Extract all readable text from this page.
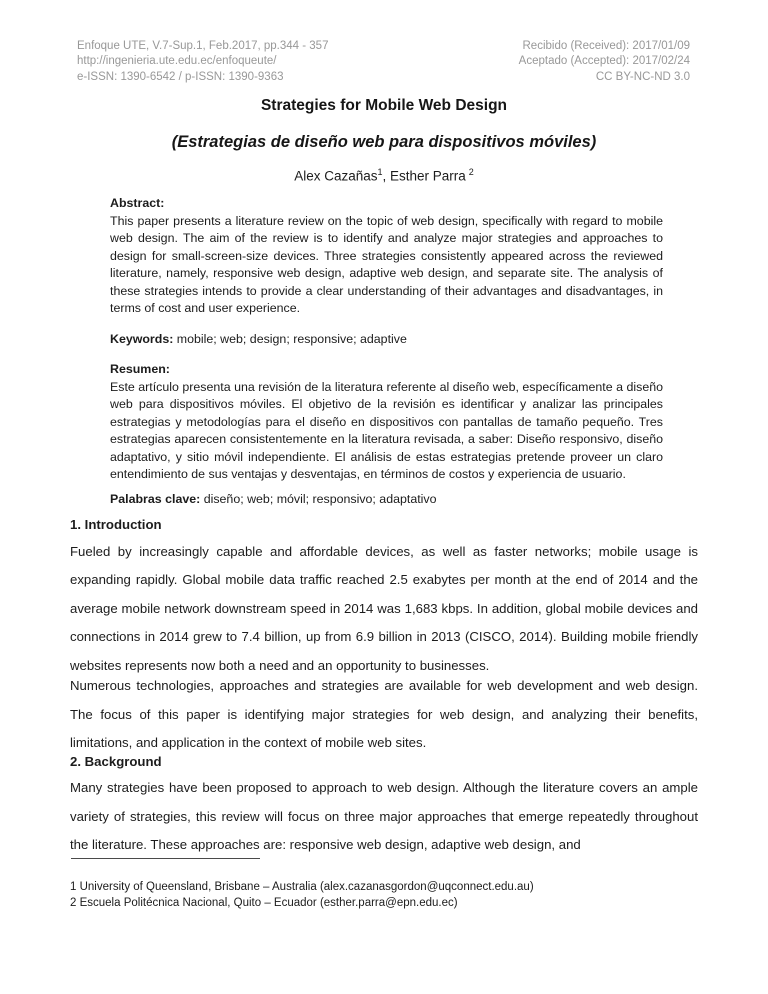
Enfoque UTE, V.7-Sup.1, Feb.2017, pp.344 - 357
http://ingenieria.ute.edu.ec/enfoqueute/
e-ISSN: 1390-6542 / p-ISSN: 1390-9363
Recibido (Received): 2017/01/09
Aceptado (Accepted): 2017/02/24
CC BY-NC-ND 3.0
Strategies for Mobile Web Design
(Estrategias de diseño web para dispositivos móviles)
Alex Cazañas$^1$, Esther Parra $^2$
Abstract:
This paper presents a literature review on the topic of web design, specifically with regard to mobile web design. The aim of the review is to identify and analyze major strategies and approaches to design for small-screen-size devices. Three strategies consistently appeared across the reviewed literature, namely, responsive web design, adaptive web design, and separate site. The analysis of these strategies intends to provide a clear understanding of their advantages and disadvantages, in terms of cost and user experience.
Keywords: mobile; web; design; responsive; adaptive
Resumen:
Este artículo presenta una revisión de la literatura referente al diseño web, específicamente a diseño web para dispositivos móviles. El objetivo de la revisión es identificar y analizar las principales estrategias y metodologías para el diseño en dispositivos con pantallas de tamaño pequeño. Tres estrategias aparecen consistentemente en la literatura revisada, a saber: Diseño responsivo, diseño adaptativo, y sitio móvil independiente. El análisis de estas estrategias pretende proveer un claro entendimiento de sus ventajas y desventajas, en términos de costos y experiencia de usuario.
Palabras clave: diseño; web; móvil; responsivo; adaptativo
1. Introduction

Fueled by increasingly capable and affordable devices, as well as faster networks; mobile usage is expanding rapidly. Global mobile data traffic reached 2.5 exabytes per month at the end of 2014 and the average mobile network downstream speed in 2014 was 1,683 kbps. In addition, global mobile devices and connections in 2014 grew to 7.4 billion, up from 6.9 billion in 2013 (CISCO, 2014). Building mobile friendly websites represents now both a need and an opportunity to businesses.

Numerous technologies, approaches and strategies are available for web development and web design. The focus of this paper is identifying major strategies for web design, and analyzing their benefits, limitations, and application in the context of mobile web sites.

2. Background

Many strategies have been proposed to approach to web design. Although the literature covers an ample variety of strategies, this review will focus on three major approaches that emerge repeatedly throughout the literature. These approaches are: responsive web design, adaptive web design, and

1 University of Queensland, Brisbane – Australia (alex.cazanasgordon@uqconnect.edu.au)
2 Escuela Politécnica Nacional, Quito – Ecuador (esther.parra@epn.edu.ec)
